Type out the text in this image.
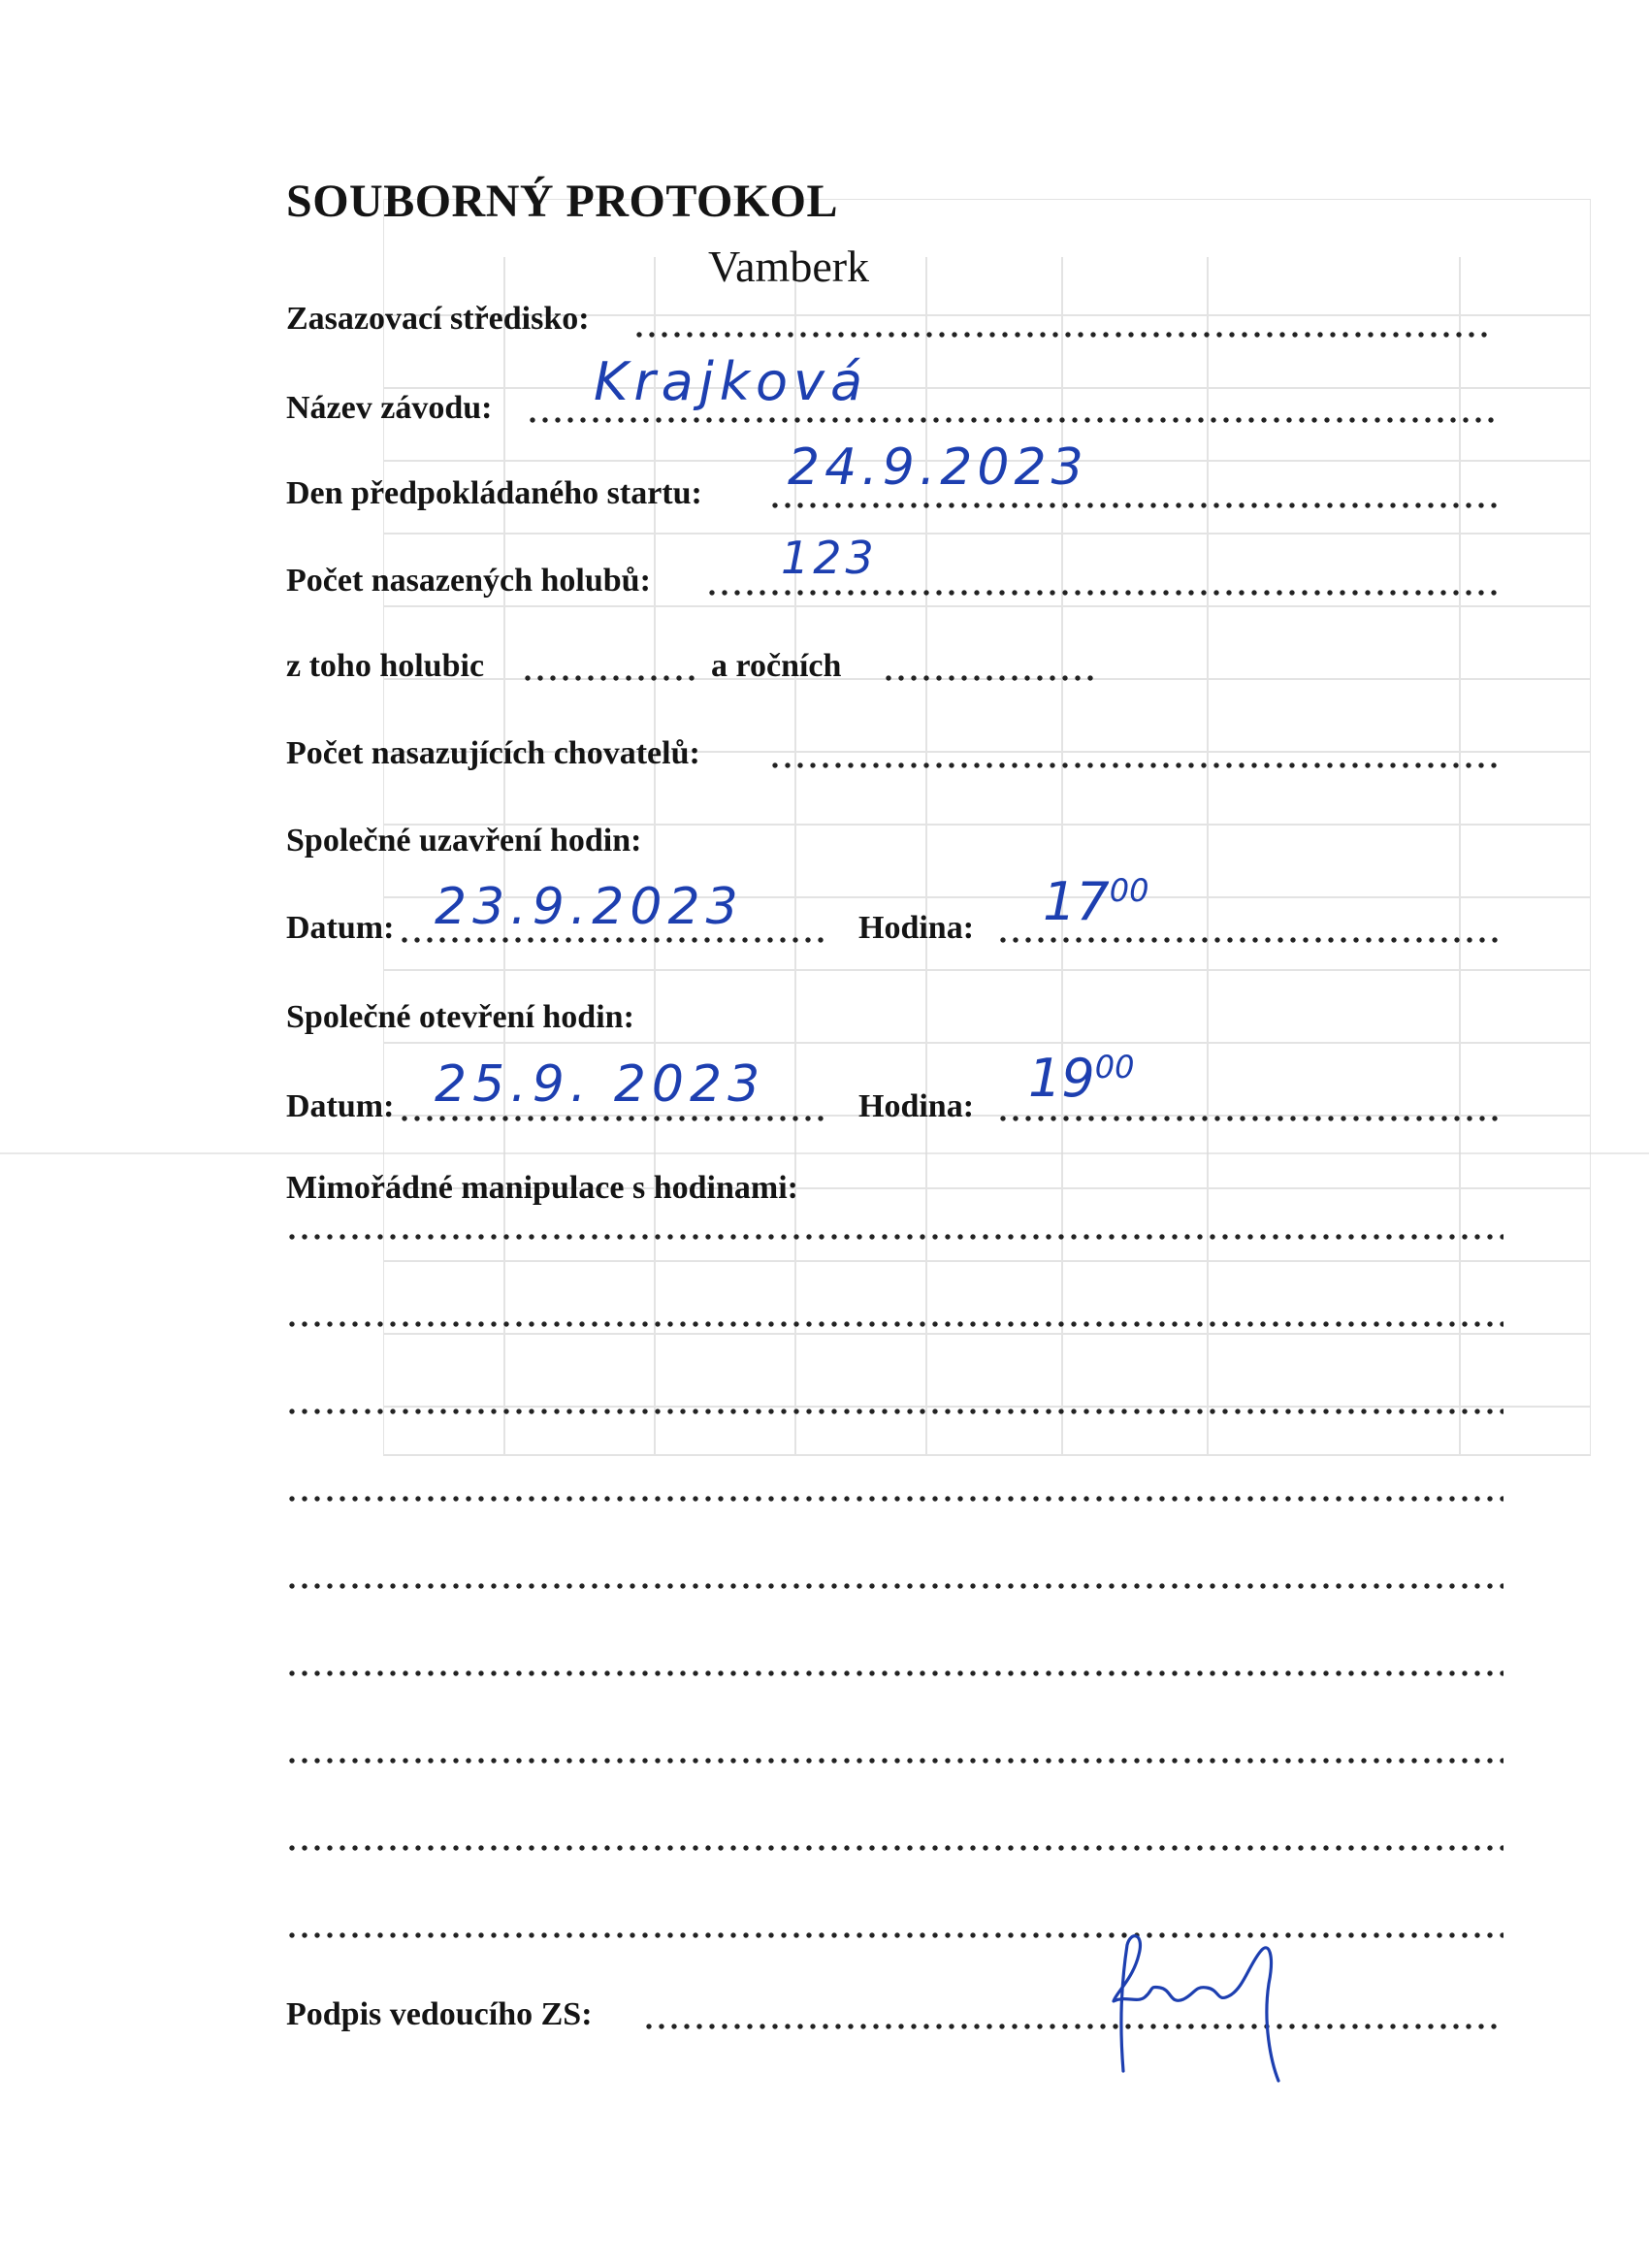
SOUBORNÝ PROTOKOL
Vamberk
Zasazovací středisko:
Název závodu: Krajková
Den předpokládaného startu: 24.9.2023
Počet nasazených holubů:	123
z toho holubic	a ročních
Počet nasazujících chovatelů:
Společné uzavření hodin:
Datum: 23.9.2023	Hodina: $17^{00}$
Společné otevření hodin:
Datum: 25.9. 2023	Hodina: $19^{00}$
Mimořádné manipulace s hodinami:
Podpis vedoucího ZS:
